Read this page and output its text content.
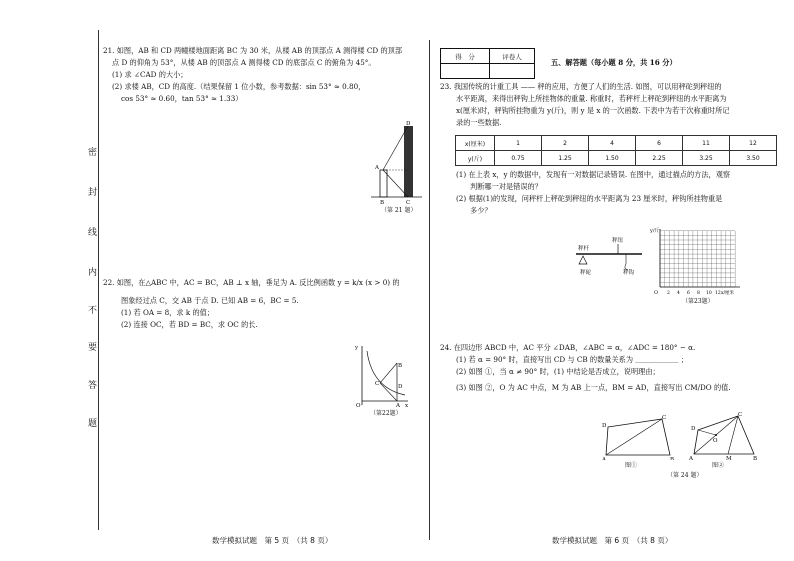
密
封
线
内
不
要
答
题
21. 如图，AB 和 CD 两幢楼地面距离 BC 为 30 米，从楼 AB 的顶部点 A 测得楼 CD 的顶部
点 D 的仰角为 53°，从楼 AB 的顶部点 A 测得楼 CD 的底部点 C 的俯角为 45°。
(1) 求 ∠CAD 的大小；
(2) 求楼 AB，CD 的高度.（结果保留 1 位小数，参考数据：sin 53° ≈ 0.80，
cos 53° ≈ 0.60，tan 53° ≈ 1.33）
A
B	C
D
（第 21 题）
22. 如图，在△ABC 中，AC = BC，AB ⊥ x 轴，垂足为 A. 反比例函数 y = k/x (x > 0) 的
图象经过点 C，交 AB 于点 D. 已知 AB = 6，BC = 5.
(1) 若 OA = 8，求 k 的值；
(2) 连接 OC，若 BD = BC，求 OC 的长.
y
x
O	A
B
C	D
（第22题）
得　分	评卷人

五、解答题（每小题 8 分，共 16 分）
23. 我国传统的计重工具 —— 秤的应用，方便了人们的生活. 如图，可以用秤砣到秤纽的
水平距离，来得出秤钩上所挂物体的重量. 称重时，若秤杆上秤砣到秤纽的水平距离为
x(厘米)时，秤钩所挂物重为 y(斤)，则 y 是 x 的一次函数. 下表中为若干次称重时所记
录的一些数据.
x(厘米)	1	2	4	6	11	12
y(斤)	0.75	1.25	1.50	2.25	3.25	3.50
(1) 在上表 x，y 的数据中，发现有一对数据记录错误. 在图中，通过描点的方法，观察
判断哪一对是错误的？
(2) 根据(1)的发现，问秤杆上秤砣到秤纽的水平距离为 23 厘米时，秤钩所挂物重是
多少？
秤杆
秤纽
秤砣	秤钩
y/斤
O	x/厘米
2 4 6 8 10 12
（第23题）
24. 在四边形 ABCD 中，AC 平分 ∠DAB，∠ABC = α，∠ADC = 180° − α.
(1) 若 α = 90° 时，直接写出 CD 与 CB 的数量关系为 ＿＿＿＿＿＿ ；
(2) 如图 ①，当 α ≠ 90° 时，(1) 中结论是否成立，说明理由；
(3) 如图 ②，O 为 AC 中点，M 为 AB 上一点，BM = AD，直接写出 CM/DO 的值.
D
C
A	B
图①
D
C
O
M
A	B
图②
（第 24 题）
数学模拟试题　第 5 页　（共 8 页）	数学模拟试题　第 6 页　（共 8 页）
